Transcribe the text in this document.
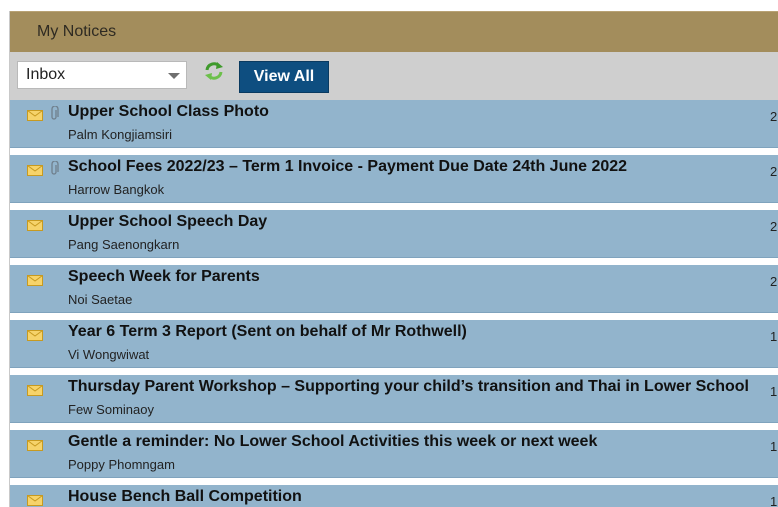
My Notices
Inbox	View All
Upper School Class Photo
Palm Kongjiamsiri
2
School Fees 2022/23 – Term 1 Invoice - Payment Due Date 24th June 2022
Harrow Bangkok
2
Upper School Speech Day
Pang Saenongkarn
2
Speech Week for Parents
Noi Saetae
2
Year 6 Term 3 Report (Sent on behalf of Mr Rothwell)
Vi Wongwiwat
1
Thursday Parent Workshop – Supporting your child’s transition and Thai in Lower School
Few Sominaoy
1
Gentle a reminder: No Lower School Activities this week or next week
Poppy Phomngam
1
House Bench Ball Competition	1
